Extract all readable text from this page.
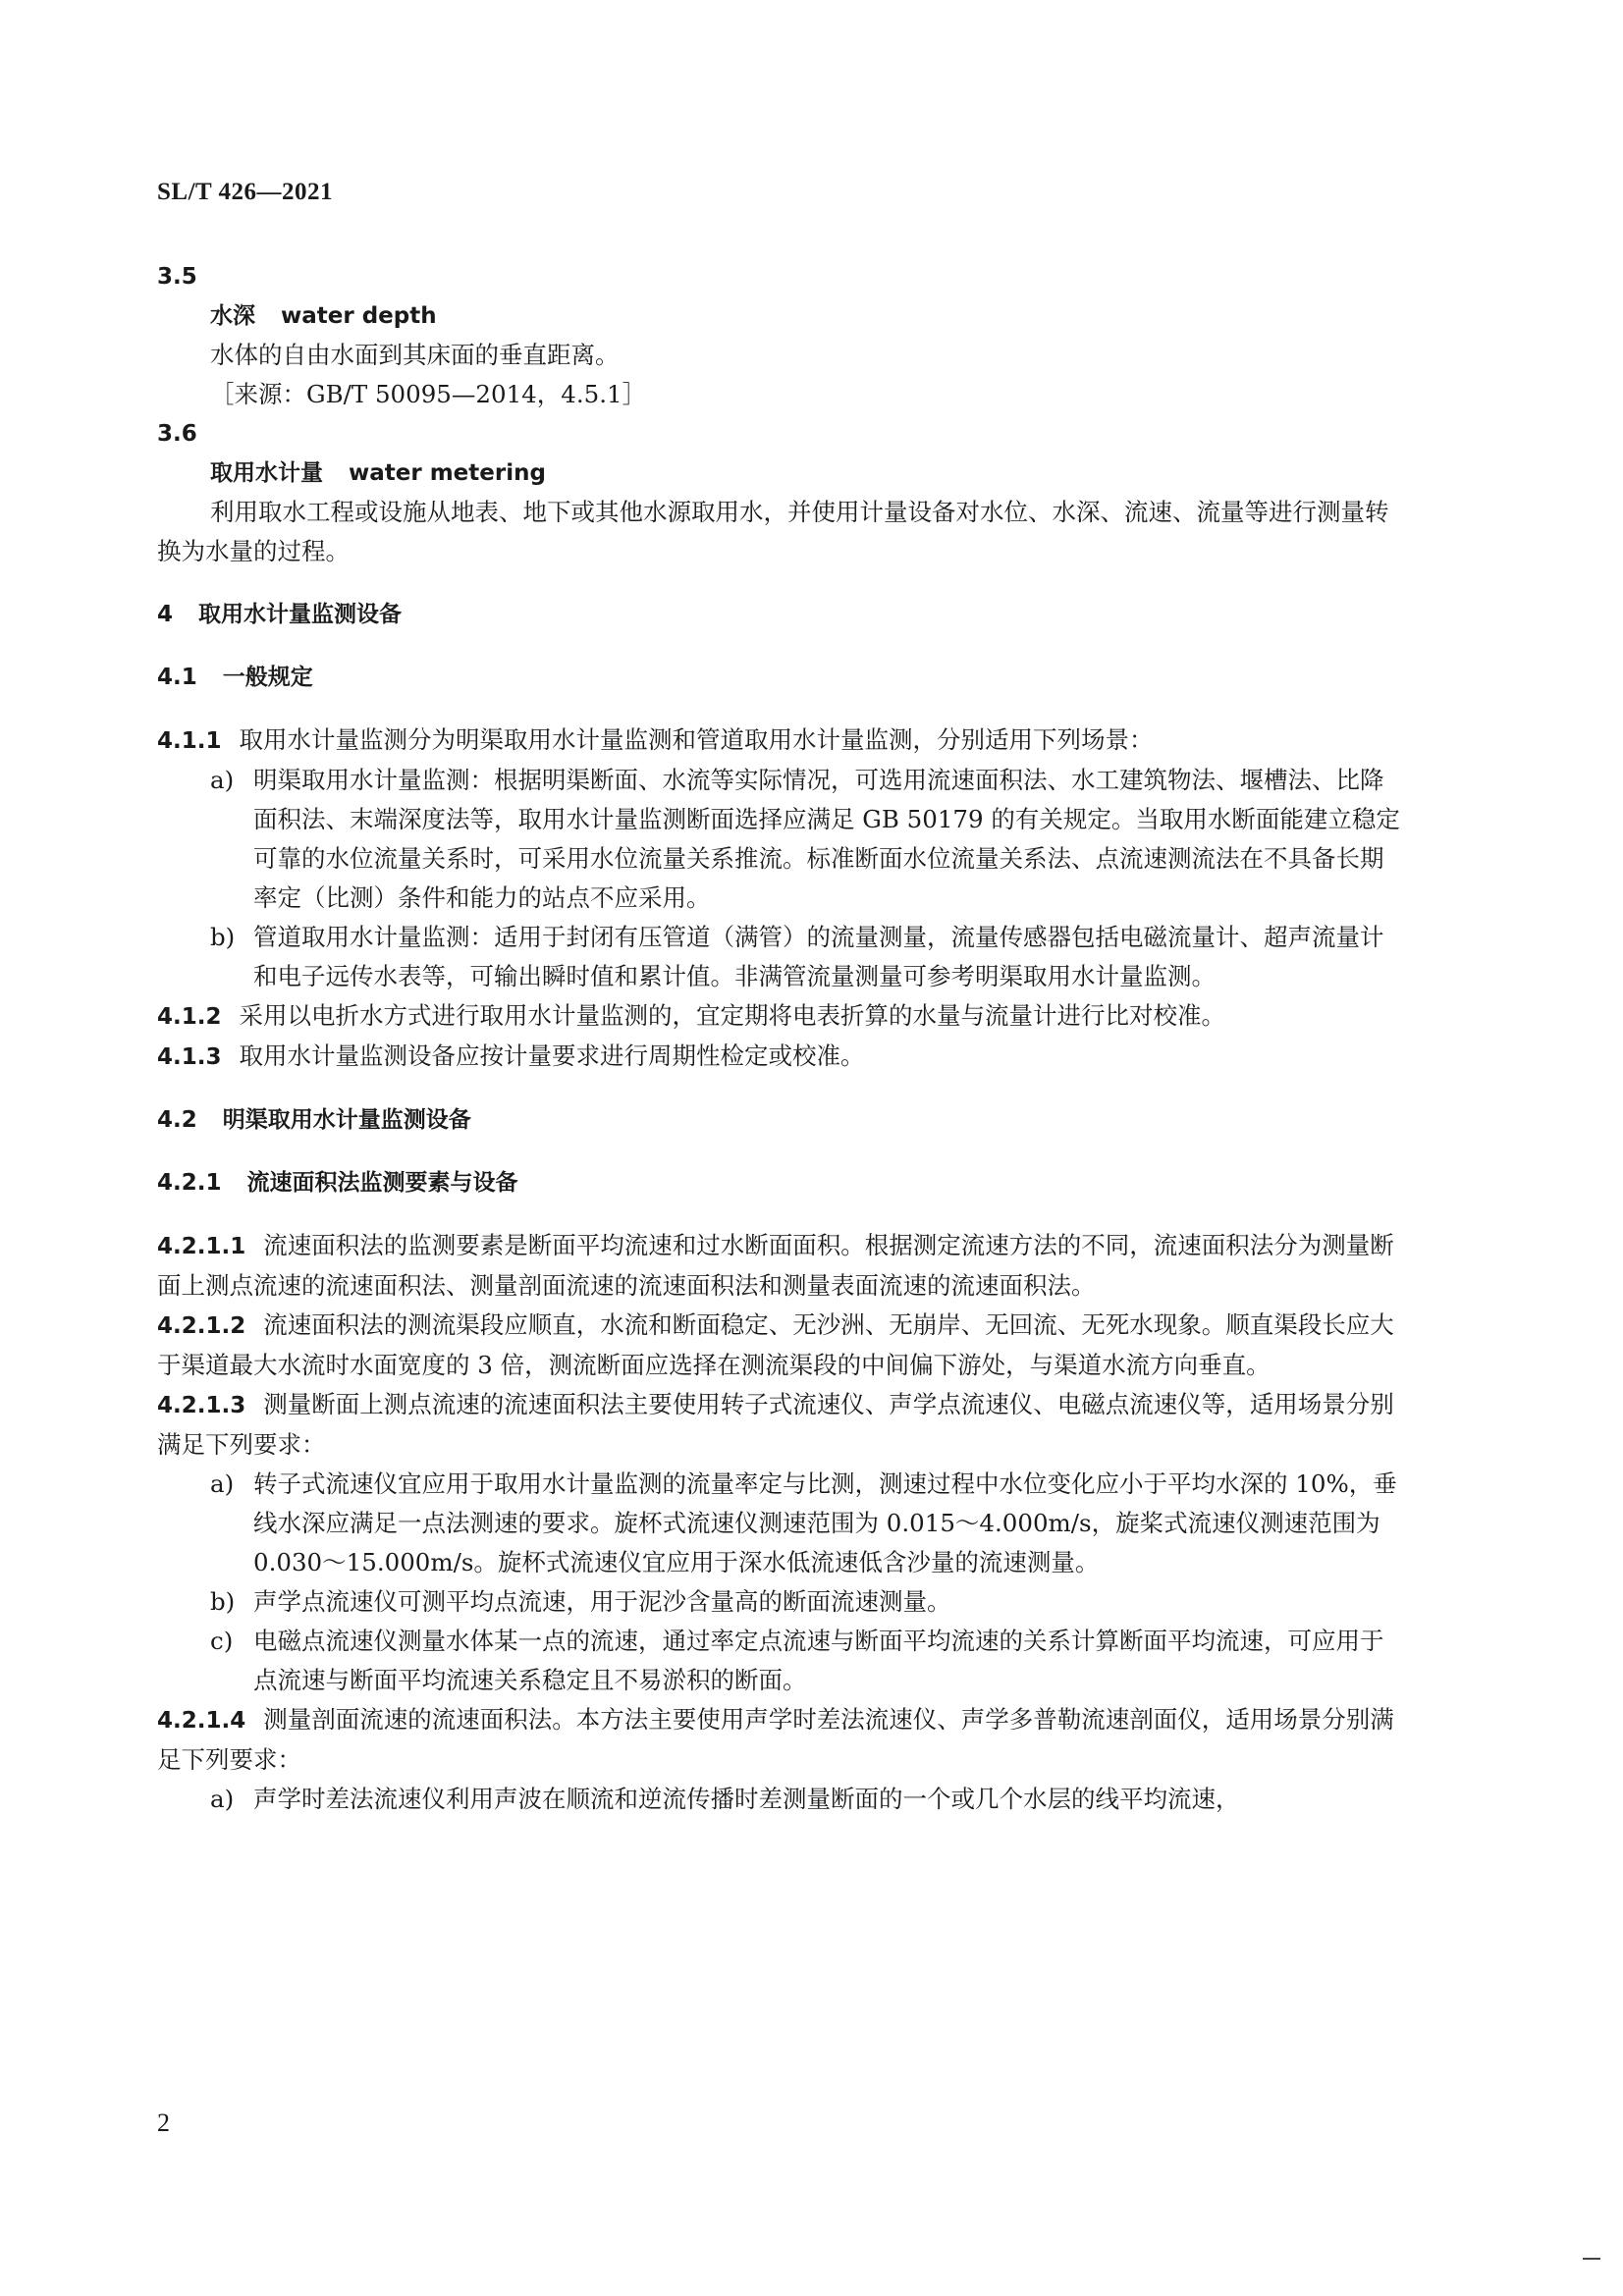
SL/T 426—2021
3.5
水深 water depth
水体的自由水面到其床面的垂直距离。
［来源：GB/T 50095—2014，4.5.1］
3.6
取用水计量 water metering
利用取水工程或设施从地表、地下或其他水源取用水，并使用计量设备对水位、水深、流速、流量等进行测量转换为水量的过程。
4 取用水计量监测设备
4.1 一般规定
4.1.1 取用水计量监测分为明渠取用水计量监测和管道取用水计量监测，分别适用下列场景：
a) 明渠取用水计量监测：根据明渠断面、水流等实际情况，可选用流速面积法、水工建筑物法、堰槽法、比降面积法、末端深度法等，取用水计量监测断面选择应满足 GB 50179 的有关规定。当取用水断面能建立稳定可靠的水位流量关系时，可采用水位流量关系推流。标准断面水位流量关系法、点流速测流法在不具备长期率定（比测）条件和能力的站点不应采用。
b) 管道取用水计量监测：适用于封闭有压管道（满管）的流量测量，流量传感器包括电磁流量计、超声流量计和电子远传水表等，可输出瞬时值和累计值。非满管流量测量可参考明渠取用水计量监测。
4.1.2 采用以电折水方式进行取用水计量监测的，宜定期将电表折算的水量与流量计进行比对校准。
4.1.3 取用水计量监测设备应按计量要求进行周期性检定或校准。
4.2 明渠取用水计量监测设备
4.2.1 流速面积法监测要素与设备
4.2.1.1 流速面积法的监测要素是断面平均流速和过水断面面积。根据测定流速方法的不同，流速面积法分为测量断面上测点流速的流速面积法、测量剖面流速的流速面积法和测量表面流速的流速面积法。
4.2.1.2 流速面积法的测流渠段应顺直，水流和断面稳定、无沙洲、无崩岸、无回流、无死水现象。顺直渠段长应大于渠道最大水流时水面宽度的 3 倍，测流断面应选择在测流渠段的中间偏下游处，与渠道水流方向垂直。
4.2.1.3 测量断面上测点流速的流速面积法主要使用转子式流速仪、声学点流速仪、电磁点流速仪等，适用场景分别满足下列要求：
a) 转子式流速仪宜应用于取用水计量监测的流量率定与比测，测速过程中水位变化应小于平均水深的 10%，垂线水深应满足一点法测速的要求。旋杯式流速仪测速范围为 0.015～4.000m/s，旋桨式流速仪测速范围为 0.030～15.000m/s。旋杯式流速仪宜应用于深水低流速低含沙量的流速测量。
b) 声学点流速仪可测平均点流速，用于泥沙含量高的断面流速测量。
c) 电磁点流速仪测量水体某一点的流速，通过率定点流速与断面平均流速的关系计算断面平均流速，可应用于点流速与断面平均流速关系稳定且不易淤积的断面。
4.2.1.4 测量剖面流速的流速面积法。本方法主要使用声学时差法流速仪、声学多普勒流速剖面仪，适用场景分别满足下列要求：
a) 声学时差法流速仪利用声波在顺流和逆流传播时差测量断面的一个或几个水层的线平均流速，
2
